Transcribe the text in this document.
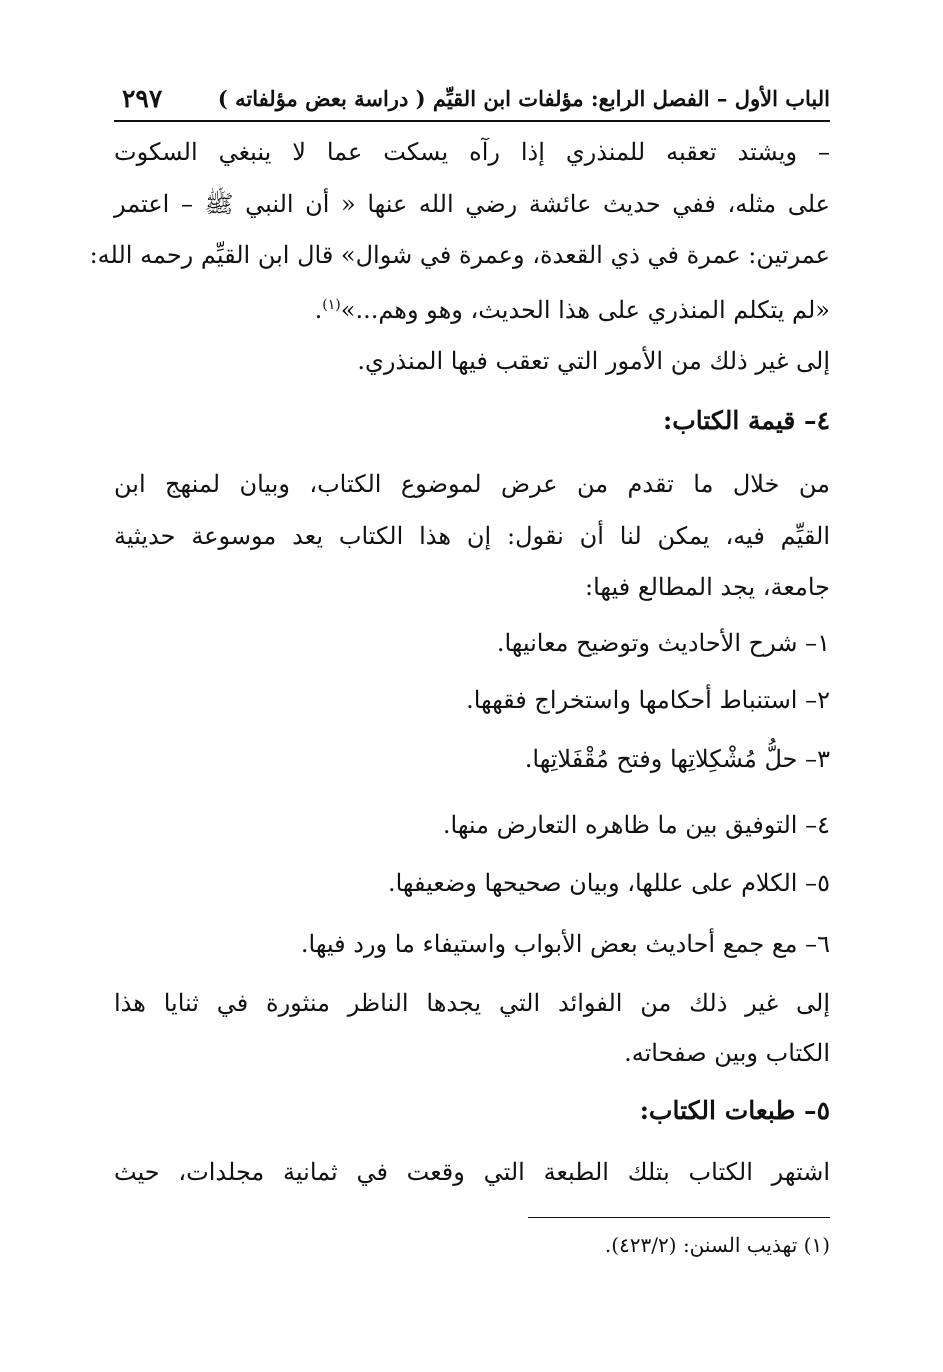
الباب الأول – الفصل الرابع: مؤلفات ابن القيِّم ( دراسة بعض مؤلفاته )
٢٩٧
– ويشتد تعقبه للمنذري إذا رآه يسكت عما لا ينبغي السكوت
على مثله، ففي حديث عائشة رضي الله عنها « أن النبي ﷺ – اعتمر
عمرتين: عمرة في ذي القعدة، وعمرة في شوال» قال ابن القيِّم رحمه الله:
«لم يتكلم المنذري على هذا الحديث، وهو وهم...»$^{(١)}$.
إلى غير ذلك من الأمور التي تعقب فيها المنذري.
٤– قيمة الكتاب:
من خلال ما تقدم من عرض لموضوع الكتاب، وبيان لمنهج ابن
القيِّم فيه، يمكن لنا أن نقول: إن هذا الكتاب يعد موسوعة حديثية
جامعة، يجد المطالع فيها:
١– شرح الأحاديث وتوضيح معانيها.
٢– استنباط أحكامها واستخراج فقهها.
٣– حلُّ مُشْكِلاتِها وفتح مُقْفَلاتِها.
٤– التوفيق بين ما ظاهره التعارض منها.
٥– الكلام على عللها، وبيان صحيحها وضعيفها.
٦– مع جمع أحاديث بعض الأبواب واستيفاء ما ورد فيها.
إلى غير ذلك من الفوائد التي يجدها الناظر منثورة في ثنايا هذا
الكتاب وبين صفحاته.
٥– طبعات الكتاب:
اشتهر الكتاب بتلك الطبعة التي وقعت في ثمانية مجلدات، حيث
(١) تهذيب السنن: (٤٢٣/٢).
